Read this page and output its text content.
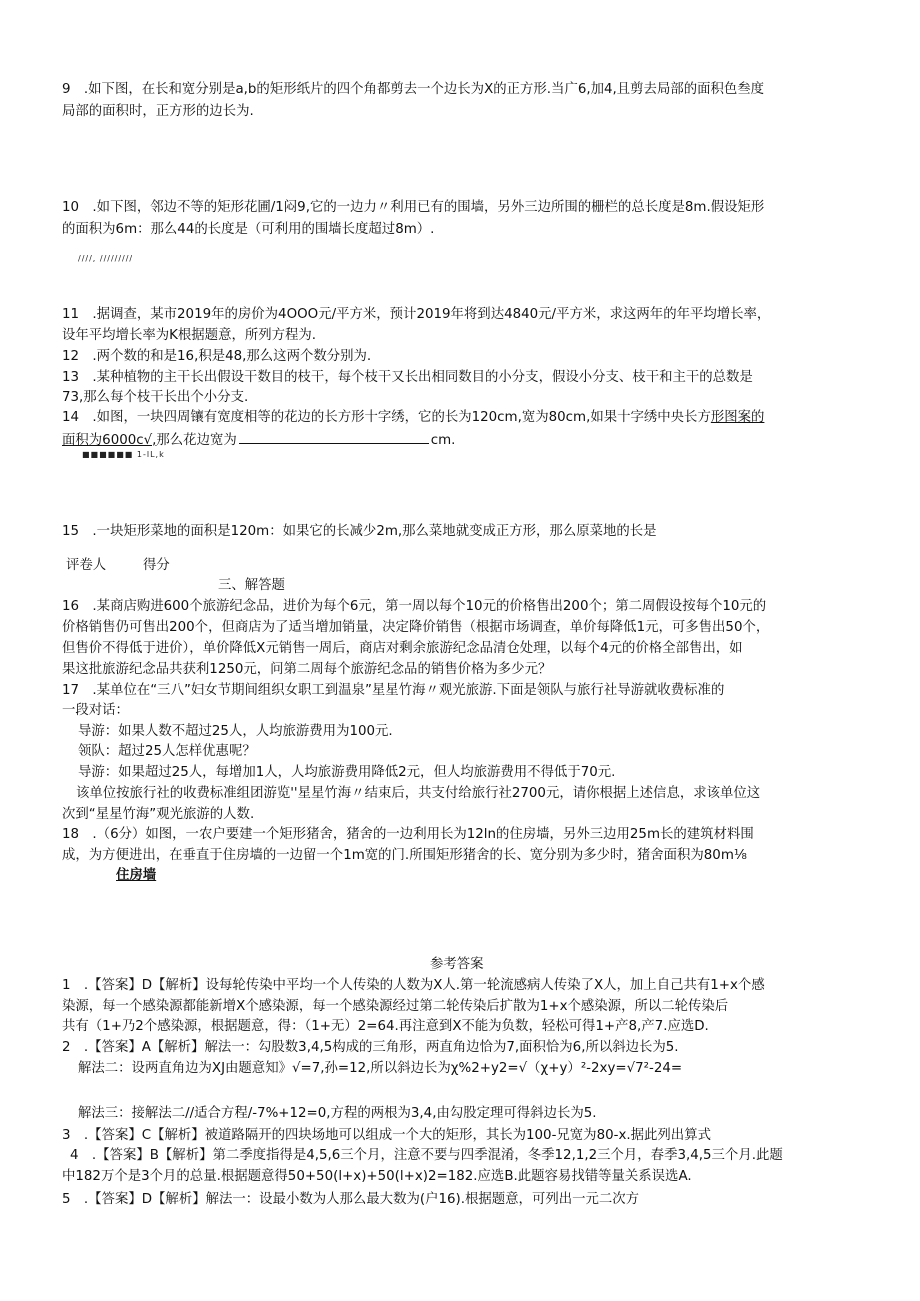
9　.如下图，在长和宽分别是a,b的矩形纸片的四个角都剪去一个边长为X的正方形.当广6,加4,且剪去局部的面积色叁度
局部的面积时，正方形的边长为.
10　.如下图，邻边不等的矩形花圃/1闷9,它的一边力〃利用已有的围墙，另外三边所围的栅栏的总长度是8m.假设矩形
的面积为6m：那么44的长度是（可利用的围墙长度超过8m）.
////, /////////
11　.据调查，某市2019年的房价为4OOO元/平方米，预计2019年将到达4840元/平方米，求这两年的年平均增长率，
设年平均增长率为K根据题意，所列方程为.
12　.两个数的和是16,积是48,那么这两个数分别为.
13　.某种植物的主干长出假设干数目的枝干，每个枝干又长出相同数目的小分支，假设小分支、枝干和主干的总数是
73,那么每个枝干长出个小分支.
14　.如图，一块四周镶有宽度相等的花边的长方形十字绣，它的长为120cm,宽为80cm,如果十字绣中央长方形图案的
面积为6000c√,那么花边宽为	cm.
■■■■■■ 1-lL,k
15　.一块矩形菜地的面积是120m：如果它的长减少2m,那么菜地就变成正方形，那么原菜地的长是
评卷人	得分
三、解答题
16　.某商店购进600个旅游纪念品，进价为每个6元，第一周以每个10元的价格售出200个；第二周假设按每个10元的
价格销售仍可售出200个，但商店为了适当增加销量，决定降价销售（根据市场调查，单价每降低1元，可多售出50个，
但售价不得低于进价），单价降低X元销售一周后，商店对剩余旅游纪念品清仓处理，以每个4元的价格全部售出，如
果这批旅游纪念品共获利1250元，问第二周每个旅游纪念品的销售价格为多少元？
17　.某单位在“三八”妇女节期间组织女职工到温泉”星星竹海〃观光旅游.下面是领队与旅行社导游就收费标准的
一段对话：
导游：如果人数不超过25人，人均旅游费用为100元.
领队：超过25人怎样优惠呢？
导游：如果超过25人，每增加1人，人均旅游费用降低2元，但人均旅游费用不得低于70元.
该单位按旅行社的收费标准组团游览''星星竹海〃结束后，共支付给旅行社2700元，请你根据上述信息，求该单位这
次到“星星竹海”观光旅游的人数.
18　.（6分）如图，一农户要建一个矩形猪舍，猪舍的一边利用长为12ln的住房墙，另外三边用25m长的建筑材料围
成，为方便进出，在垂直于住房墙的一边留一个1m宽的门.所围矩形猪舍的长、宽分别为多少时，猪舍面积为80m⅛
住房墙
参考答案
1　.【答案】D【解析】设每轮传染中平均一个人传染的人数为X人.第一轮流感病人传染了X人，加上自己共有1+x个感
染源，每一个感染源都能新增X个感染源，每一个感染源经过第二轮传染后扩散为1+x个感染源，所以二轮传染后
共有（1+乃2个感染源，根据题意，得：（1+无）2=64.再注意到X不能为负数，轻松可得1+产8,产7.应选D.
2　.【答案】A【解析】解法一：勾股数3,4,5构成的三角形，两直角边恰为7,面积恰为6,所以斜边长为5.
解法二：设两直角边为XJ由题意知》√=7,孙=12,所以斜边长为χ%2+y2=√（χ+y）²-2xy=√7²-24=
解法三：接解法二//适合方程/-7%+12=0,方程的两根为3,4,由勾股定理可得斜边长为5.
3　.【答案】C【解析】被道路隔开的四块场地可以组成一个大的矩形，其长为100-兄宽为80-x.据此列出算式
4　.【答案】B【解析】第二季度指得是4,5,6三个月，注意不要与四季混淆，冬季12,1,2三个月，春季3,4,5三个月.此题
中182万个是3个月的总量.根据题意得50+50(l+x)+50(l+x)2=182.应选B.此题容易找错等量关系误选A.
5　.【答案】D【解析】解法一：设最小数为人那么最大数为(户16).根据题意，可列出一元二次方
